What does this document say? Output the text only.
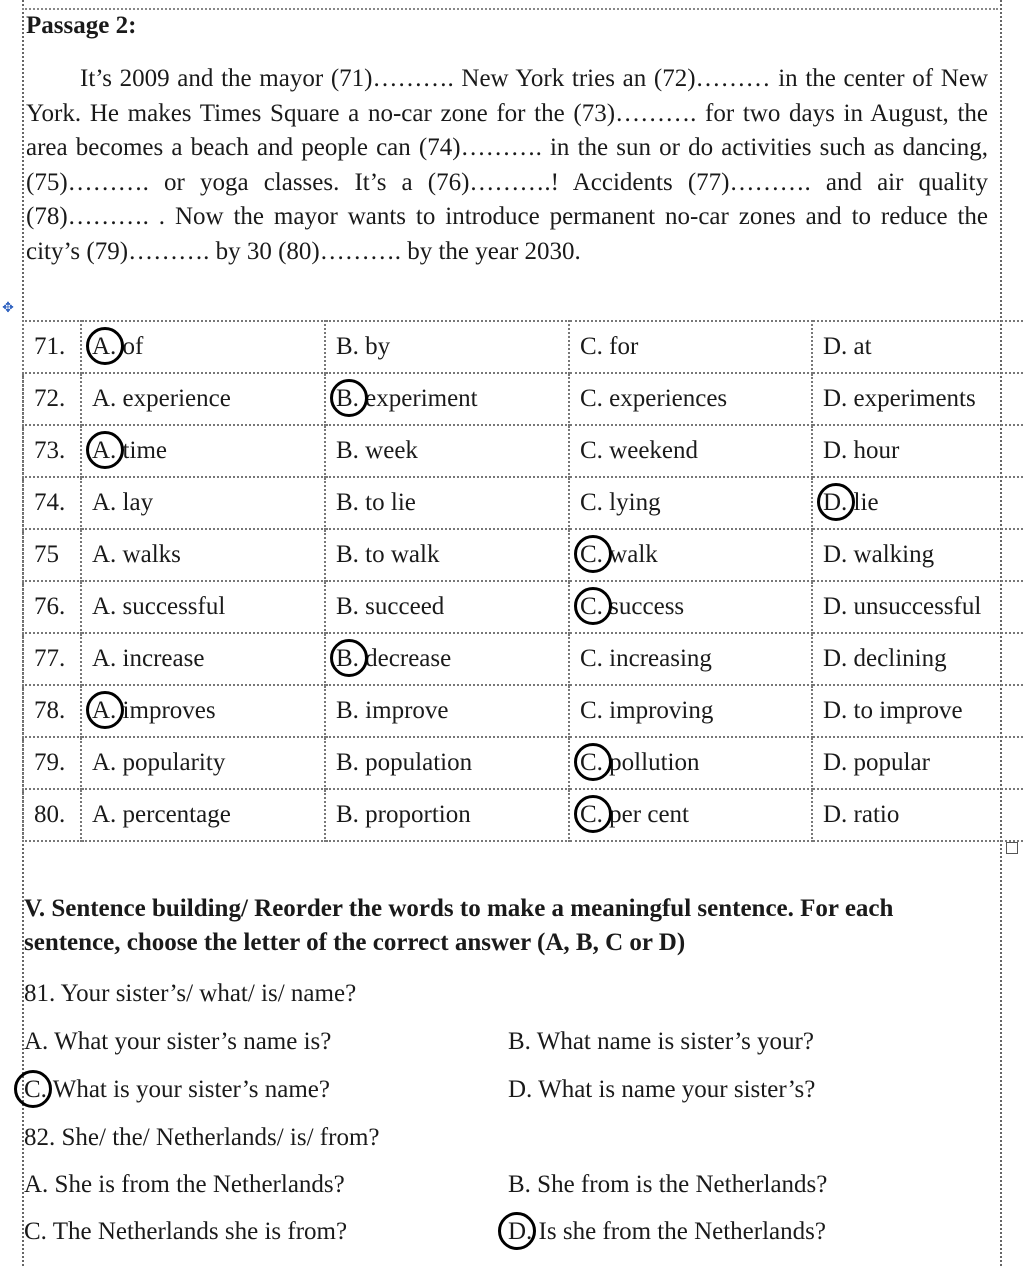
Passage 2:
It’s 2009 and the mayor (71)………. New York tries an (72)……… in the center of New York. He makes Times Square a no-car zone for the (73)………. for two days in August, the area becomes a beach and people can (74)………. in the sun or do activities such as dancing, (75)………. or yoga classes. It’s a (76)……….! Accidents (77)………. and air quality (78)………. . Now the mayor wants to introduce permanent no-car zones and to reduce the city’s (79)………. by 30 (80)………. by the year 2030.
✥
71.	A. of	B. by	C. for	D. at
72.	A. experience	B. experiment	C. experiences	D. experiments
73.	A. time	B. week	C. weekend	D. hour
74.	A. lay	B. to lie	C. lying	D. lie
75	A. walks	B. to walk	C. walk	D. walking
76.	A. successful	B. succeed	C. success	D. unsuccessful
77.	A. increase	B. decrease	C. increasing	D. declining
78.	A. improves	B. improve	C. improving	D. to improve
79.	A. popularity	B. population	C. pollution	D. popular
80.	A. percentage	B. proportion	C. per cent	D. ratio
V. Sentence building/ Reorder the words to make a meaningful sentence. For each sentence, choose the letter of the correct answer (A, B, C or D)
81. Your sister’s/ what/ is/ name?
A. What your sister’s name is?	B. What name is sister’s your?
C. What is your sister’s name?	D. What is name your sister’s?
82. She/ the/ Netherlands/ is/ from?
A. She is from the Netherlands?	B. She from is the Netherlands?
C. The Netherlands she is from?	D. Is she from the Netherlands?
